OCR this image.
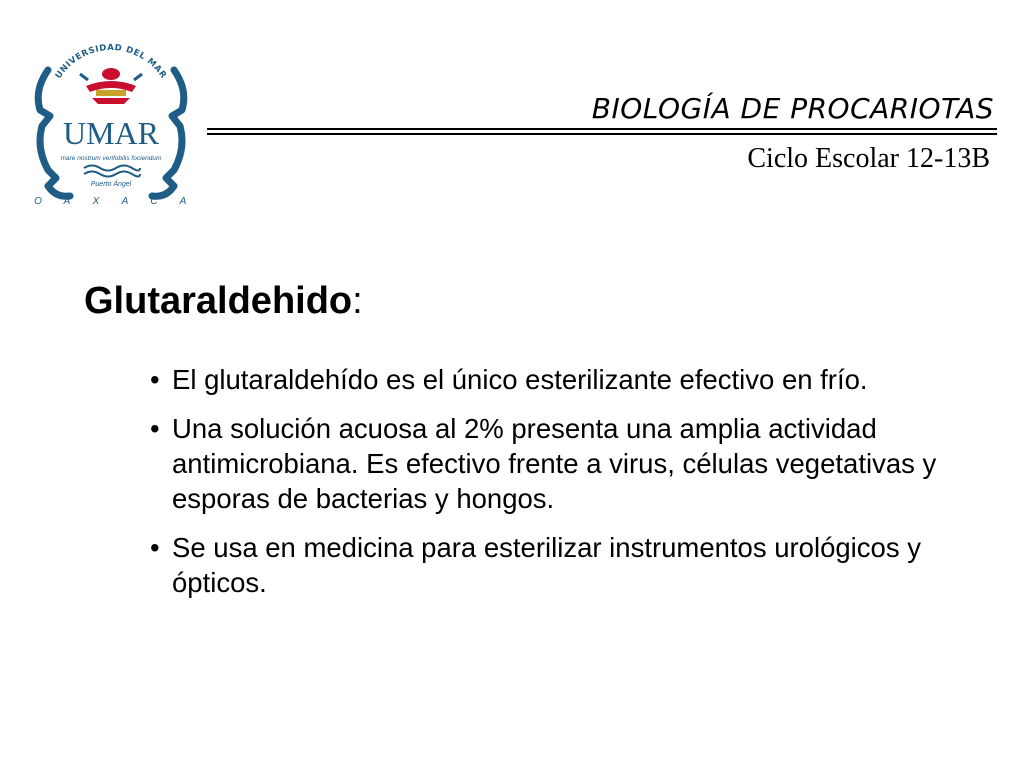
UNIVERSIDAD DEL MAR
UMAR
mare nostrum verifobilis fociendum
Puerto Ángel
O A X A C A
BIOLOGÍA DE PROCARIOTAS
Ciclo Escolar 12-13B
Glutaraldehido:
• El glutaraldehído es el único esterilizante efectivo en frío.
• Una solución acuosa al 2% presenta una amplia actividad antimicrobiana. Es efectivo frente a virus, células vegetativas y esporas de bacterias y hongos.
• Se usa en medicina para esterilizar instrumentos urológicos y ópticos.
